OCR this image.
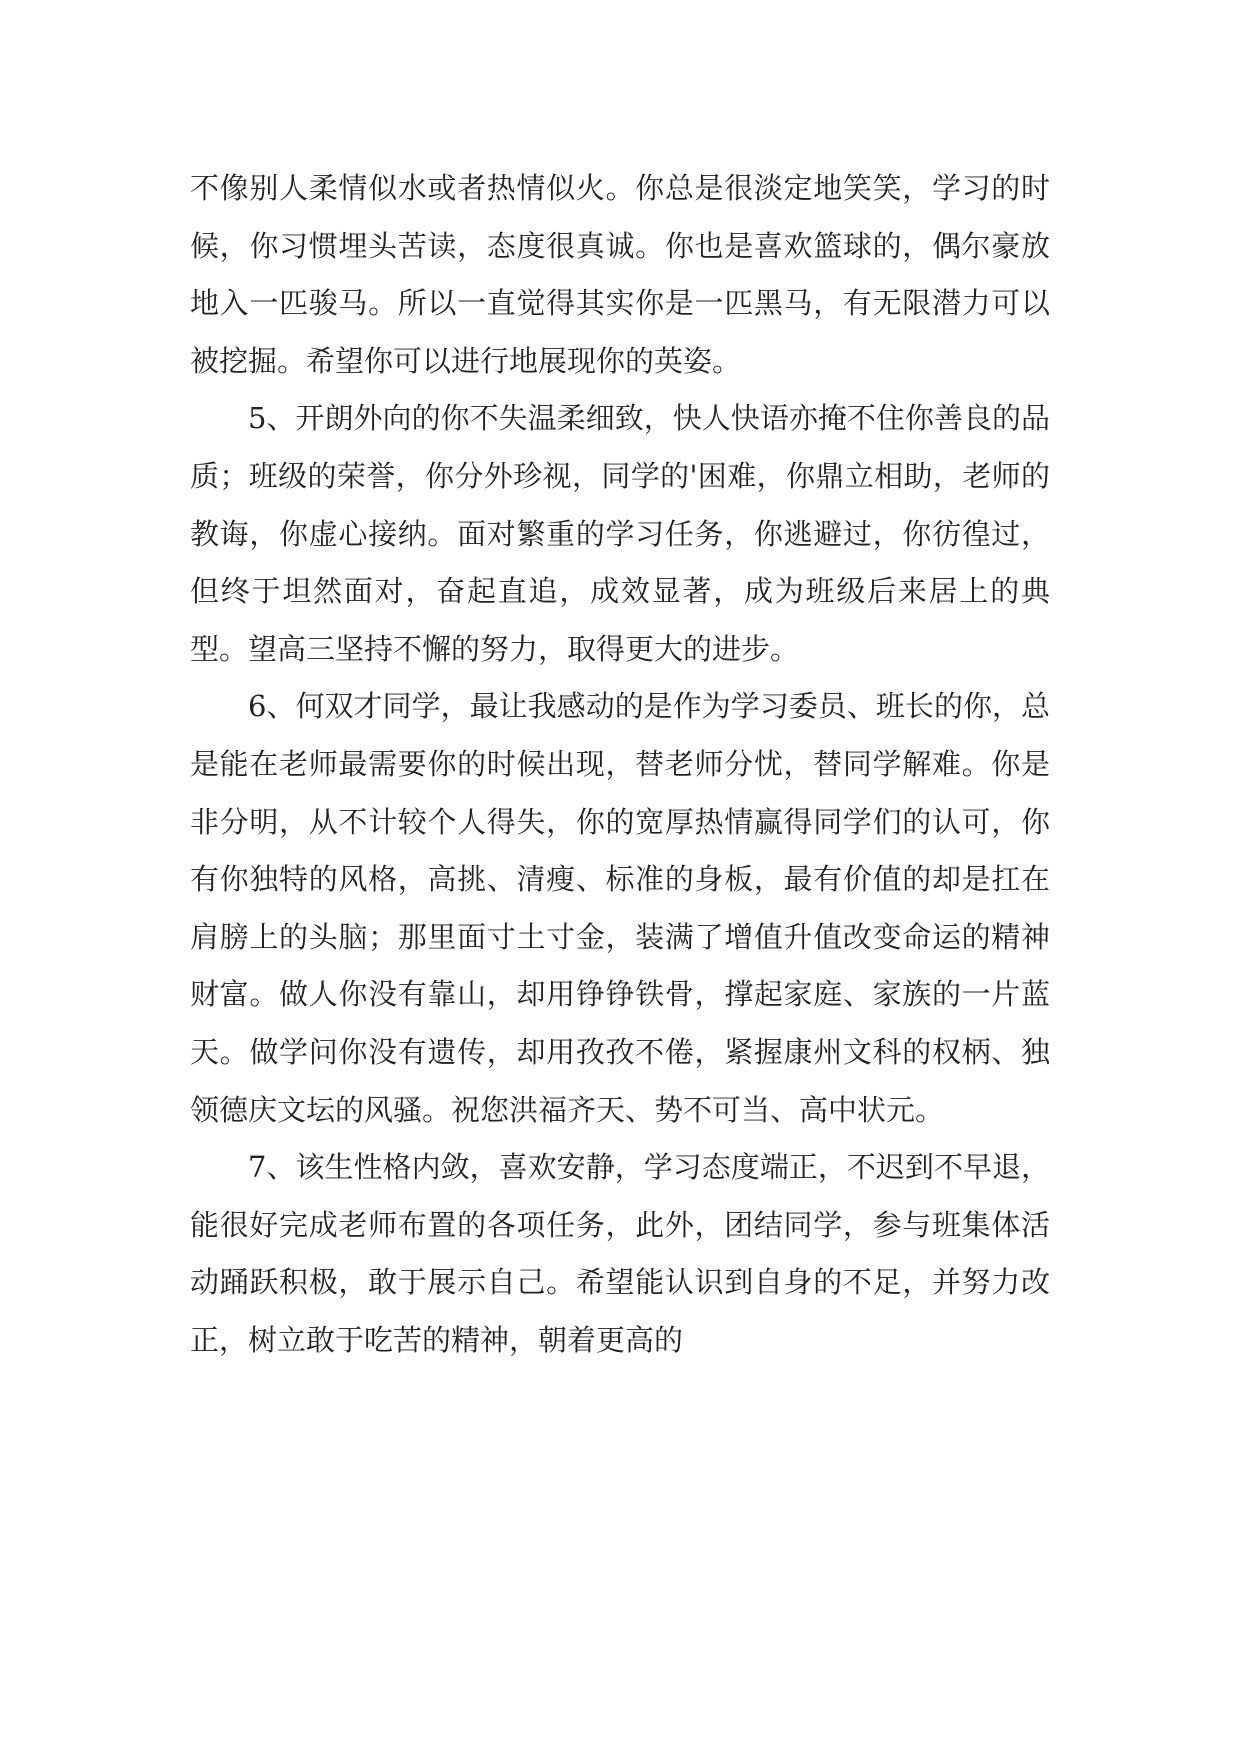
不像别人柔情似水或者热情似火。你总是很淡定地笑笑，学习的时候，你习惯埋头苦读，态度很真诚。你也是喜欢篮球的，偶尔豪放地入一匹骏马。所以一直觉得其实你是一匹黑马，有无限潜力可以被挖掘。希望你可以进行地展现你的英姿。

5、开朗外向的你不失温柔细致，快人快语亦掩不住你善良的品质；班级的荣誉，你分外珍视，同学的'困难，你鼎立相助，老师的教诲，你虚心接纳。面对繁重的学习任务，你逃避过，你彷徨过，但终于坦然面对，奋起直追，成效显著，成为班级后来居上的典型。望高三坚持不懈的努力，取得更大的进步。

6、何双才同学，最让我感动的是作为学习委员、班长的你，总是能在老师最需要你的时候出现，替老师分忧，替同学解难。你是非分明，从不计较个人得失，你的宽厚热情赢得同学们的认可，你有你独特的风格，高挑、清瘦、标准的身板，最有价值的却是扛在肩膀上的头脑；那里面寸土寸金，装满了增值升值改变命运的精神财富。做人你没有靠山，却用铮铮铁骨，撑起家庭、家族的一片蓝天。做学问你没有遗传，却用孜孜不倦，紧握康州文科的权柄、独领德庆文坛的风骚。祝您洪福齐天、势不可当、高中状元。

7、该生性格内敛，喜欢安静，学习态度端正，不迟到不早退，能很好完成老师布置的各项任务，此外，团结同学，参与班集体活动踊跃积极，敢于展示自己。希望能认识到自身的不足，并努力改正，树立敢于吃苦的精神，朝着更高的
